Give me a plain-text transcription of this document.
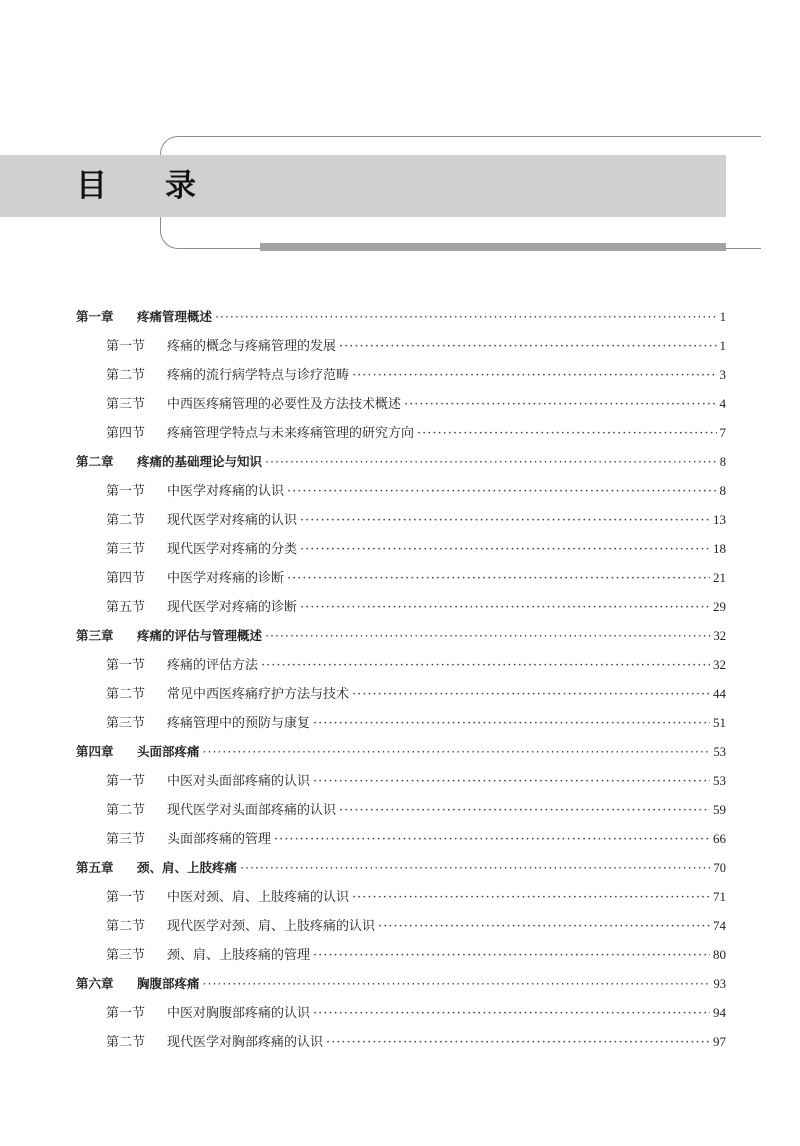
目 录
第一章	疼痛管理概述 ·····	1
第一节	疼痛的概念与疼痛管理的发展 ·····	1
第二节	疼痛的流行病学特点与诊疗范畴 ·····	3
第三节	中西医疼痛管理的必要性及方法技术概述 ·····	4
第四节	疼痛管理学特点与未来疼痛管理的研究方向 ·····	7
第二章	疼痛的基础理论与知识 ·····	8
第一节	中医学对疼痛的认识 ·····	8
第二节	现代医学对疼痛的认识 ·····	13
第三节	现代医学对疼痛的分类 ·····	18
第四节	中医学对疼痛的诊断 ·····	21
第五节	现代医学对疼痛的诊断 ·····	29
第三章	疼痛的评估与管理概述 ·····	32
第一节	疼痛的评估方法 ·····	32
第二节	常见中西医疼痛疗护方法与技术 ·····	44
第三节	疼痛管理中的预防与康复 ·····	51
第四章	头面部疼痛 ·····	53
第一节	中医对头面部疼痛的认识 ·····	53
第二节	现代医学对头面部疼痛的认识 ·····	59
第三节	头面部疼痛的管理 ·····	66
第五章	颈、肩、上肢疼痛 ·····	70
第一节	中医对颈、肩、上肢疼痛的认识 ·····	71
第二节	现代医学对颈、肩、上肢疼痛的认识 ·····	74
第三节	颈、肩、上肢疼痛的管理 ·····	80
第六章	胸腹部疼痛 ·····	93
第一节	中医对胸腹部疼痛的认识 ·····	94
第二节	现代医学对胸部疼痛的认识 ·····	97
